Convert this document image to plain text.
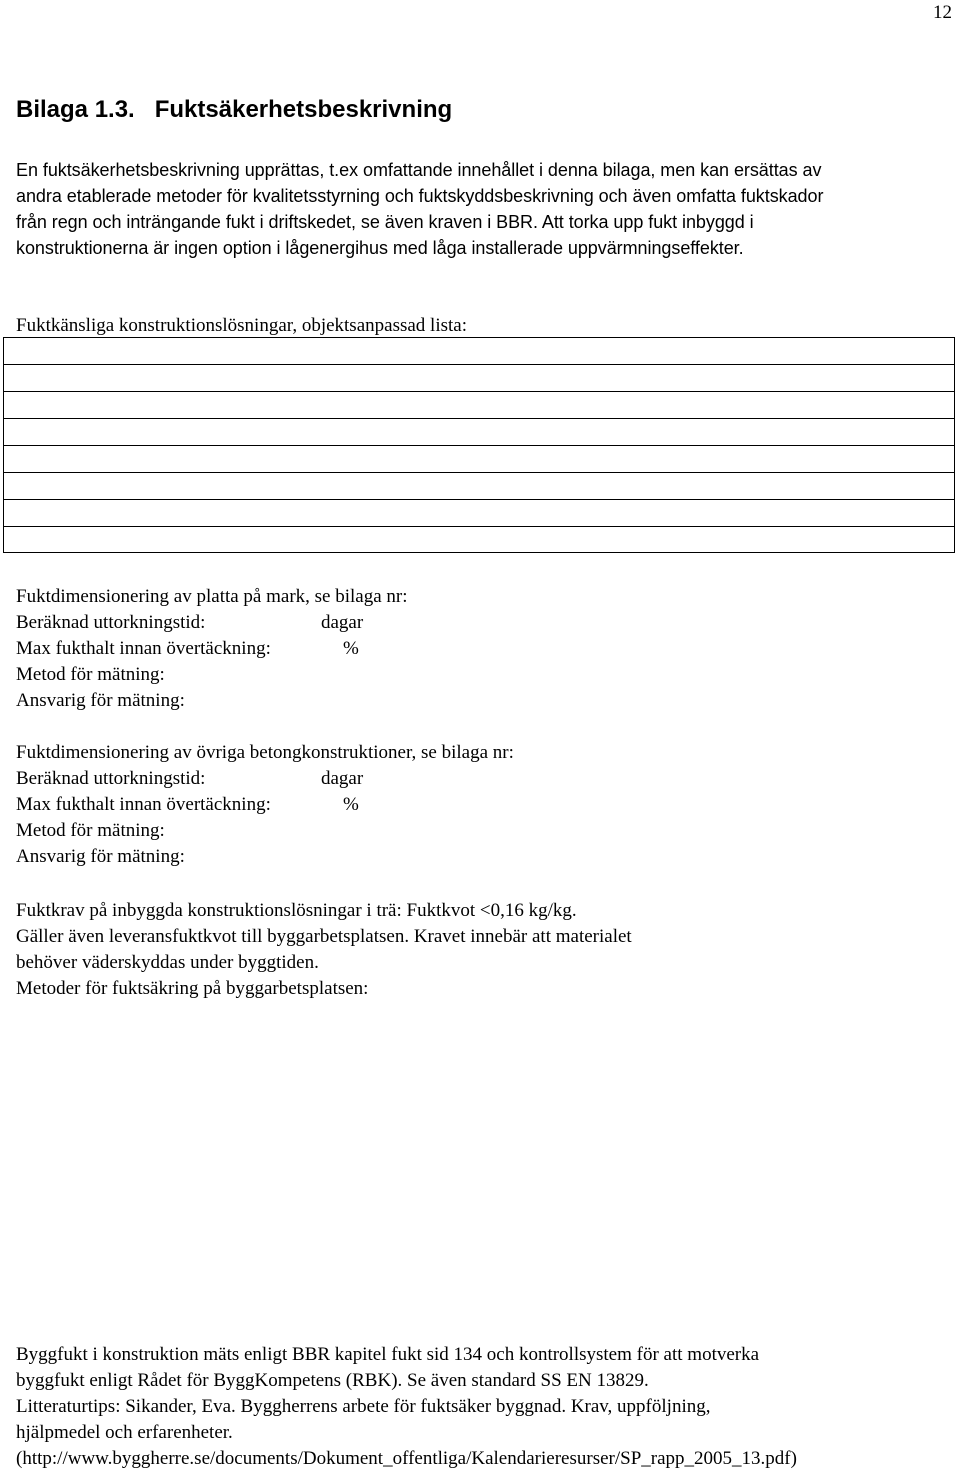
12
Bilaga 1.3. Fuktsäkerhetsbeskrivning
En fuktsäkerhetsbeskrivning upprättas, t.ex omfattande innehållet i denna bilaga, men kan ersättas av
andra etablerade metoder för kvalitetsstyrning och fuktskyddsbeskrivning och även omfatta fuktskador
från regn och inträngande fukt i driftskedet, se även kraven i BBR. Att torka upp fukt inbyggd i
konstruktionerna är ingen option i lågenergihus med låga installerade uppvärmningseffekter.
Fuktkänsliga konstruktionslösningar, objektsanpassad lista:
Fuktdimensionering av platta på mark, se bilaga nr:
Beräknad uttorkningstid:	dagar
Max fukthalt innan övertäckning:	%
Metod för mätning:
Ansvarig för mätning:
Fuktdimensionering av övriga betongkonstruktioner, se bilaga nr:
Beräknad uttorkningstid:	dagar
Max fukthalt innan övertäckning:	%
Metod för mätning:
Ansvarig för mätning:
Fuktkrav på inbyggda konstruktionslösningar i trä: Fuktkvot <0,16 kg/kg.
Gäller även leveransfuktkvot till byggarbetsplatsen. Kravet innebär att materialet
behöver väderskyddas under byggtiden.
Metoder för fuktsäkring på byggarbetsplatsen:
Byggfukt i konstruktion mäts enligt BBR kapitel fukt sid 134 och kontrollsystem för att motverka
byggfukt enligt Rådet för ByggKompetens (RBK). Se även standard SS EN 13829.
Litteraturtips: Sikander, Eva. Byggherrens arbete för fuktsäker byggnad. Krav, uppföljning,
hjälpmedel och erfarenheter.
(http://www.byggherre.se/documents/Dokument_offentliga/Kalendarieresurser/SP_rapp_2005_13.pdf)
